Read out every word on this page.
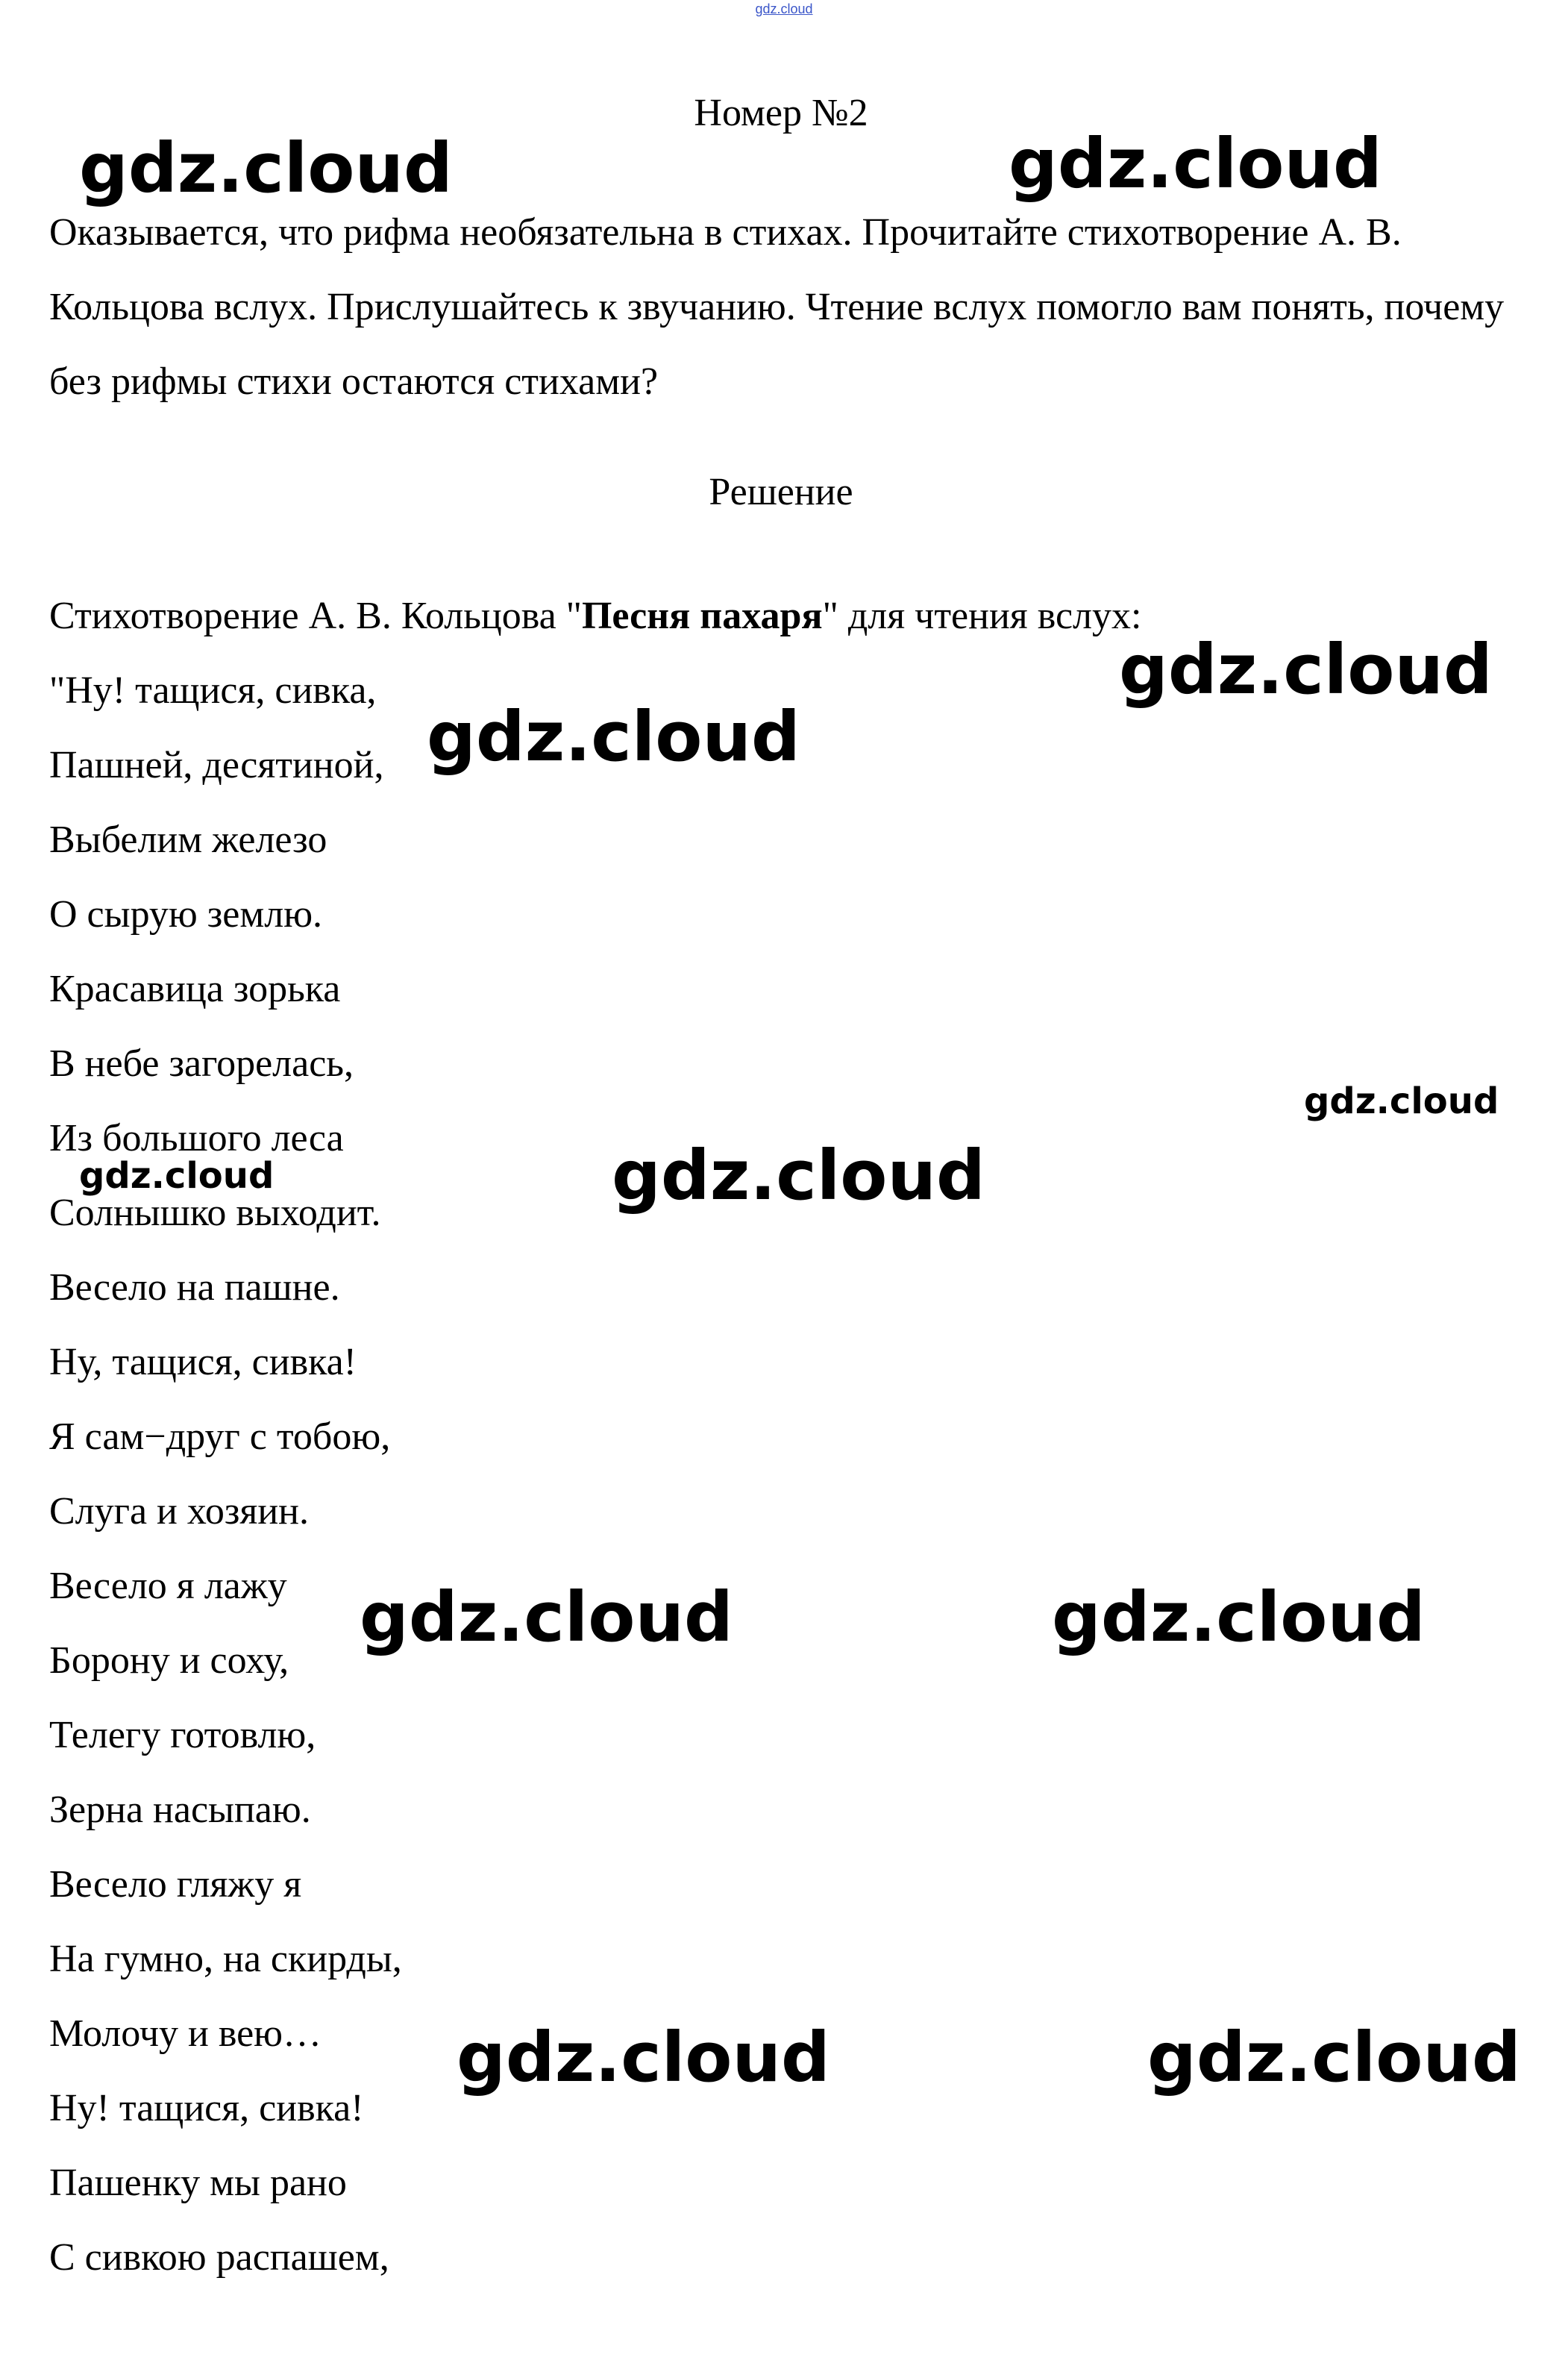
gdz.cloud
Номер №2
Оказывается, что рифма необязательна в стихах. Прочитайте стихотворение А. В. Кольцова вслух. Прислушайтесь к звучанию. Чтение вслух помогло вам понять, почему без рифмы стихи остаются стихами?
Решение
Стихотворение А. В. Кольцова "Песня пахаря" для чтения вслух:
"Ну! тащися, сивка,
Пашней, десятиной,
Выбелим железо
О сырую землю.
Красавица зорька
В небе загорелась,
Из большого леса
Солнышко выходит.
Весело на пашне.
Ну, тащися, сивка!
Я сам−друг с тобою,
Слуга и хозяин.
Весело я лажу
Борону и соху,
Телегу готовлю,
Зерна насыпаю.
Весело гляжу я
На гумно, на скирды,
Молочу и вею…
Ну! тащися, сивка!
Пашенку мы рано
С сивкою распашем,
gdz.cloud	gdz.cloud
gdz.cloud
gdz.cloud
gdz.cloud
gdz.cloud	gdz.cloud
gdz.cloud	gdz.cloud
gdz.cloud	gdz.cloud
